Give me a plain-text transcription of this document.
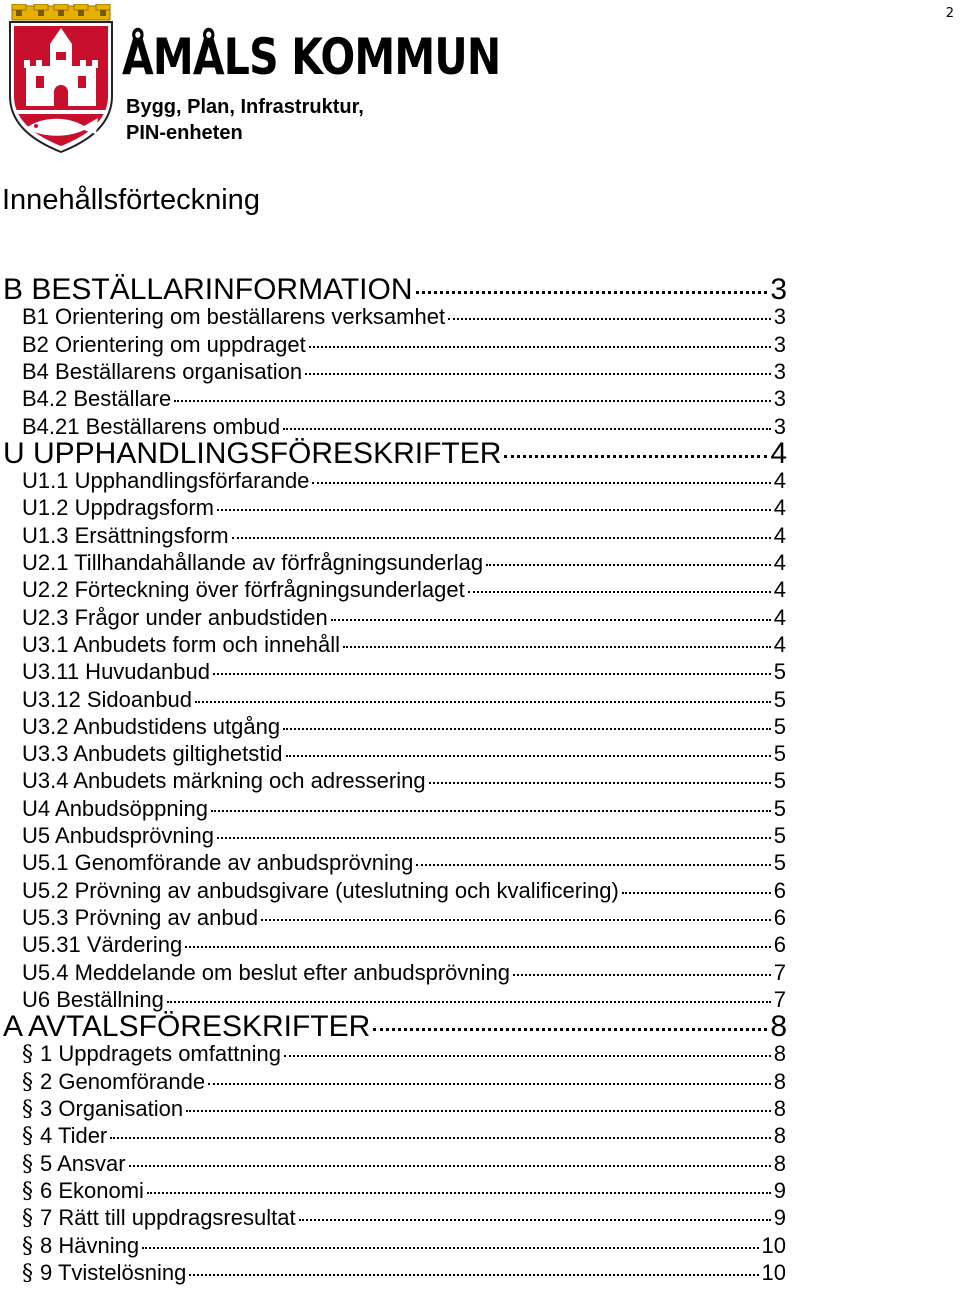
2
ÅMÅLS KOMMUN
Bygg, Plan, Infrastruktur,
PIN-enheten
Innehållsförteckning
B BESTÄLLARINFORMATION	3
B1 Orientering om beställarens verksamhet	3
B2 Orientering om uppdraget	3
B4 Beställarens organisation	3
B4.2 Beställare	3
B4.21 Beställarens ombud	3
U UPPHANDLINGSFÖRESKRIFTER	4
U1.1 Upphandlingsförfarande	4
U1.2 Uppdragsform	4
U1.3 Ersättningsform	4
U2.1 Tillhandahållande av förfrågningsunderlag	4
U2.2 Förteckning över förfrågningsunderlaget	4
U2.3 Frågor under anbudstiden	4
U3.1 Anbudets form och innehåll	4
U3.11 Huvudanbud	5
U3.12 Sidoanbud	5
U3.2 Anbudstidens utgång	5
U3.3 Anbudets giltighetstid	5
U3.4 Anbudets märkning och adressering	5
U4 Anbudsöppning	5
U5 Anbudsprövning	5
U5.1 Genomförande av anbudsprövning	5
U5.2 Prövning av anbudsgivare (uteslutning och kvalificering)	6
U5.3 Prövning av anbud	6
U5.31 Värdering	6
U5.4 Meddelande om beslut efter anbudsprövning	7
U6 Beställning	7
A AVTALSFÖRESKRIFTER	8
§ 1 Uppdragets omfattning	8
§ 2 Genomförande	8
§ 3 Organisation	8
§ 4 Tider	8
§ 5 Ansvar	8
§ 6 Ekonomi	9
§ 7 Rätt till uppdragsresultat	9
§ 8 Hävning	10
§ 9 Tvistelösning	10
